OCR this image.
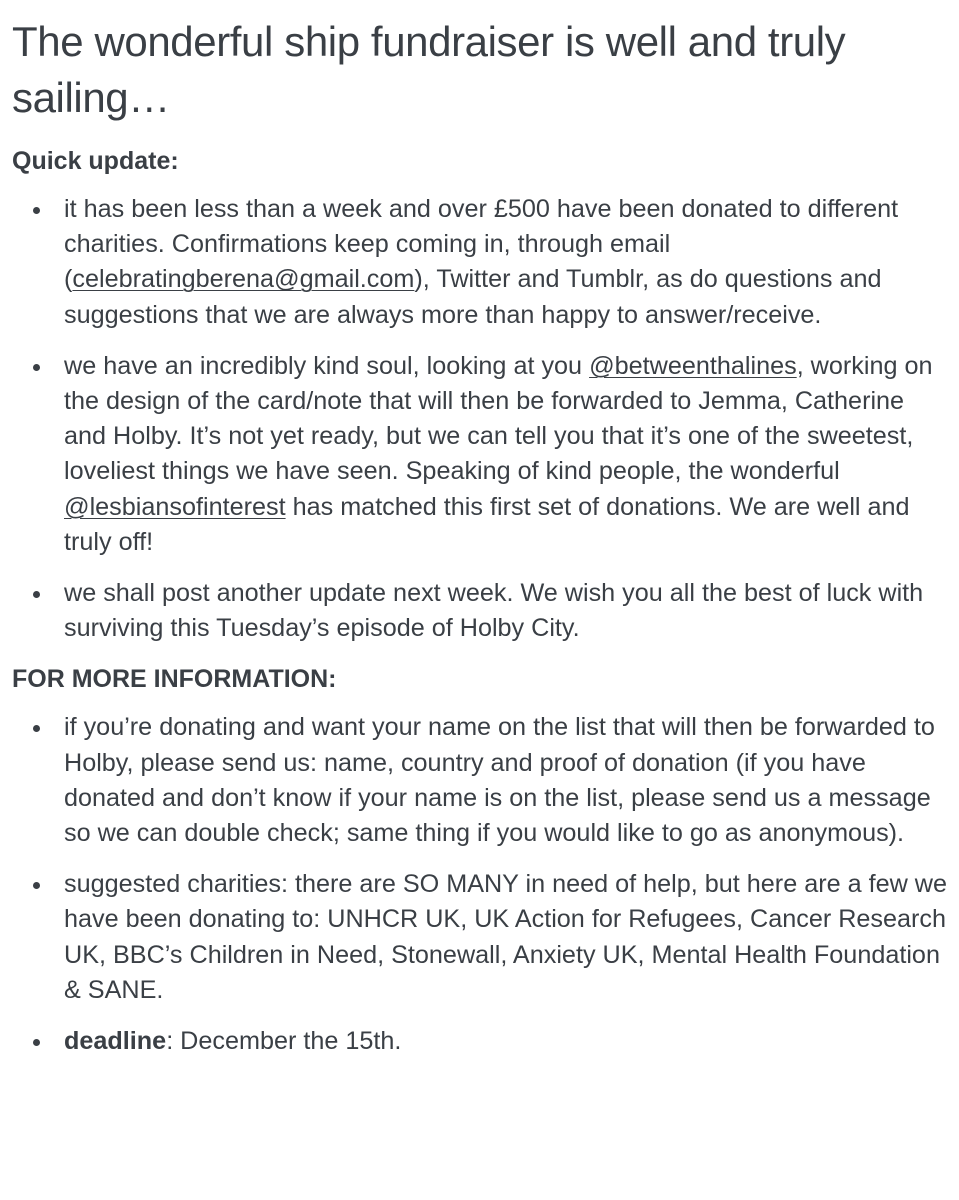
The wonderful ship fundraiser is well and truly sailing…
Quick update:
it has been less than a week and over £500 have been donated to different charities. Confirmations keep coming in, through email (celebratingberena@gmail.com), Twitter and Tumblr, as do questions and suggestions that we are always more than happy to answer/receive.
we have an incredibly kind soul, looking at you @betweenthalines, working on the design of the card/note that will then be forwarded to Jemma, Catherine and Holby. It’s not yet ready, but we can tell you that it’s one of the sweetest, loveliest things we have seen. Speaking of kind people, the wonderful @lesbiansofinterest has matched this first set of donations. We are well and truly off!
we shall post another update next week. We wish you all the best of luck with surviving this Tuesday’s episode of Holby City.
FOR MORE INFORMATION:
if you’re donating and want your name on the list that will then be forwarded to Holby, please send us: name, country and proof of donation (if you have donated and don’t know if your name is on the list, please send us a message so we can double check; same thing if you would like to go as anonymous).
suggested charities: there are SO MANY in need of help, but here are a few we have been donating to: UNHCR UK, UK Action for Refugees, Cancer Research UK, BBC’s Children in Need, Stonewall, Anxiety UK, Mental Health Foundation & SANE.
deadline: December the 15th.
